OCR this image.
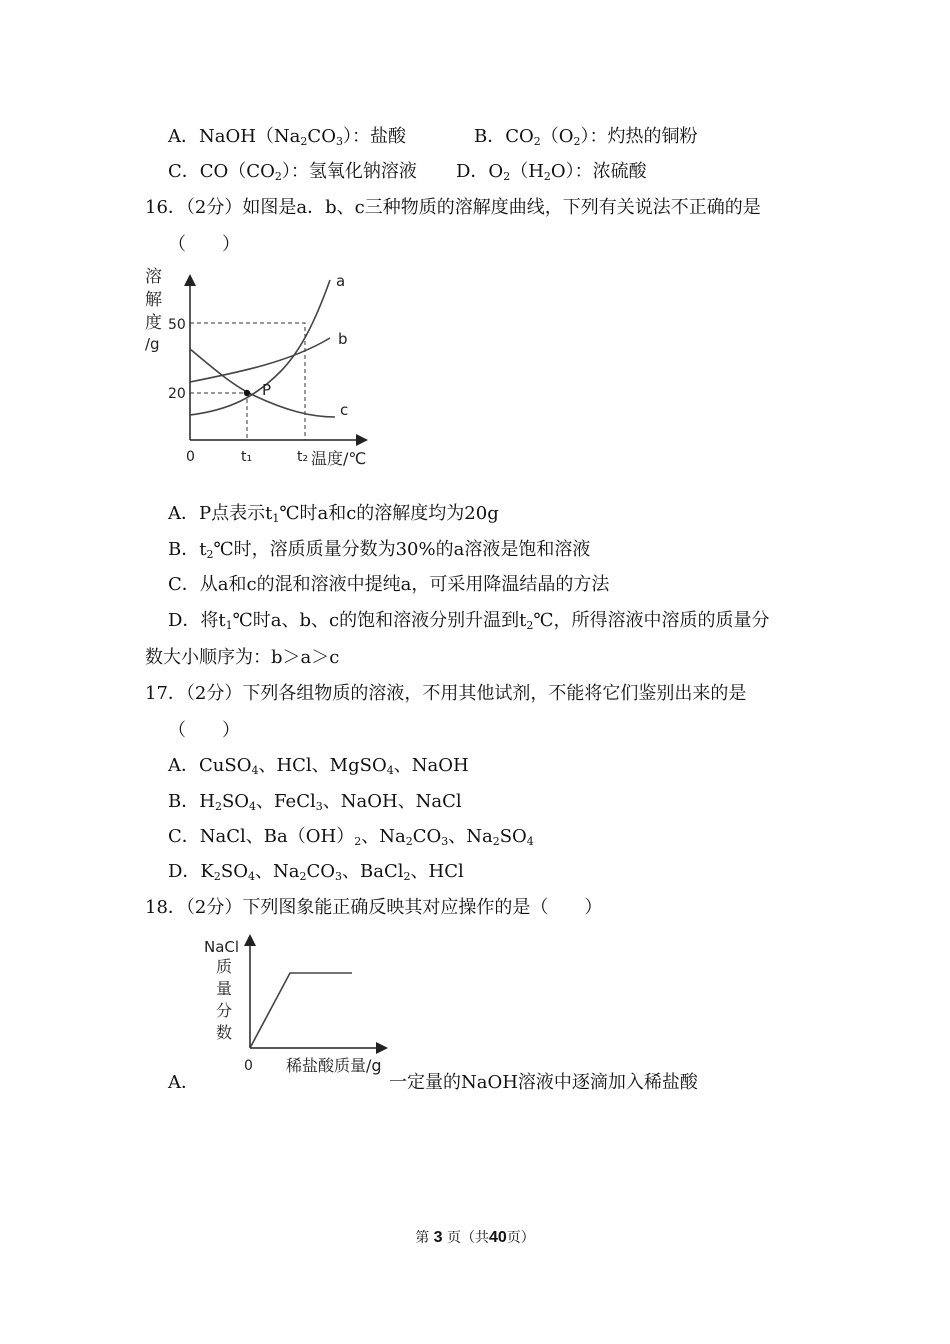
A．$NaOH(Na_2CO_3)$：盐酸	B．$CO_2(O_2)$：灼热的铜粉
C．$CO(CO_2)$：氢氧化钠溶液 D．$O_2(H_2O)$：浓硫酸
16．（2分）如图是a．b、c三种物质的溶解度曲线，下列有关说法不正确的是
（　　）
溶
解
度
/g
50
20
0	t₁	t₂ 温度/℃
P
a
b
c
A．P点表示$t_1℃$时a和c的溶解度均为20g
B．$t_2℃$时，溶质质量分数为30%的a溶液是饱和溶液
C．从a和c的混和溶液中提纯a，可采用降温结晶的方法
D．将$t_1℃$时a、b、c的饱和溶液分别升温到$t_2℃$，所得溶液中溶质的质量分
数大小顺序为：b＞a＞c
17．（2分）下列各组物质的溶液，不用其他试剂，不能将它们鉴别出来的是
（　　）
A．CuSO$_4$、HCl、MgSO$_4$、NaOH
B．$H_2SO_4$、FeCl$_3$、NaOH、NaCl
C．NaCl、$Ba(OH)_2$、$Na_2CO_3$、$Na_2SO_4$
D．$K_2SO_4$、$Na_2CO_3$、BaCl$_2$、HCl
18．（2分）下列图象能正确反映其对应操作的是（　　）
NaCl
质
量
分
数
0 稀盐酸质量/g
A．	一定量的NaOH溶液中逐滴加入稀盐酸
第 3 页（共40页）
